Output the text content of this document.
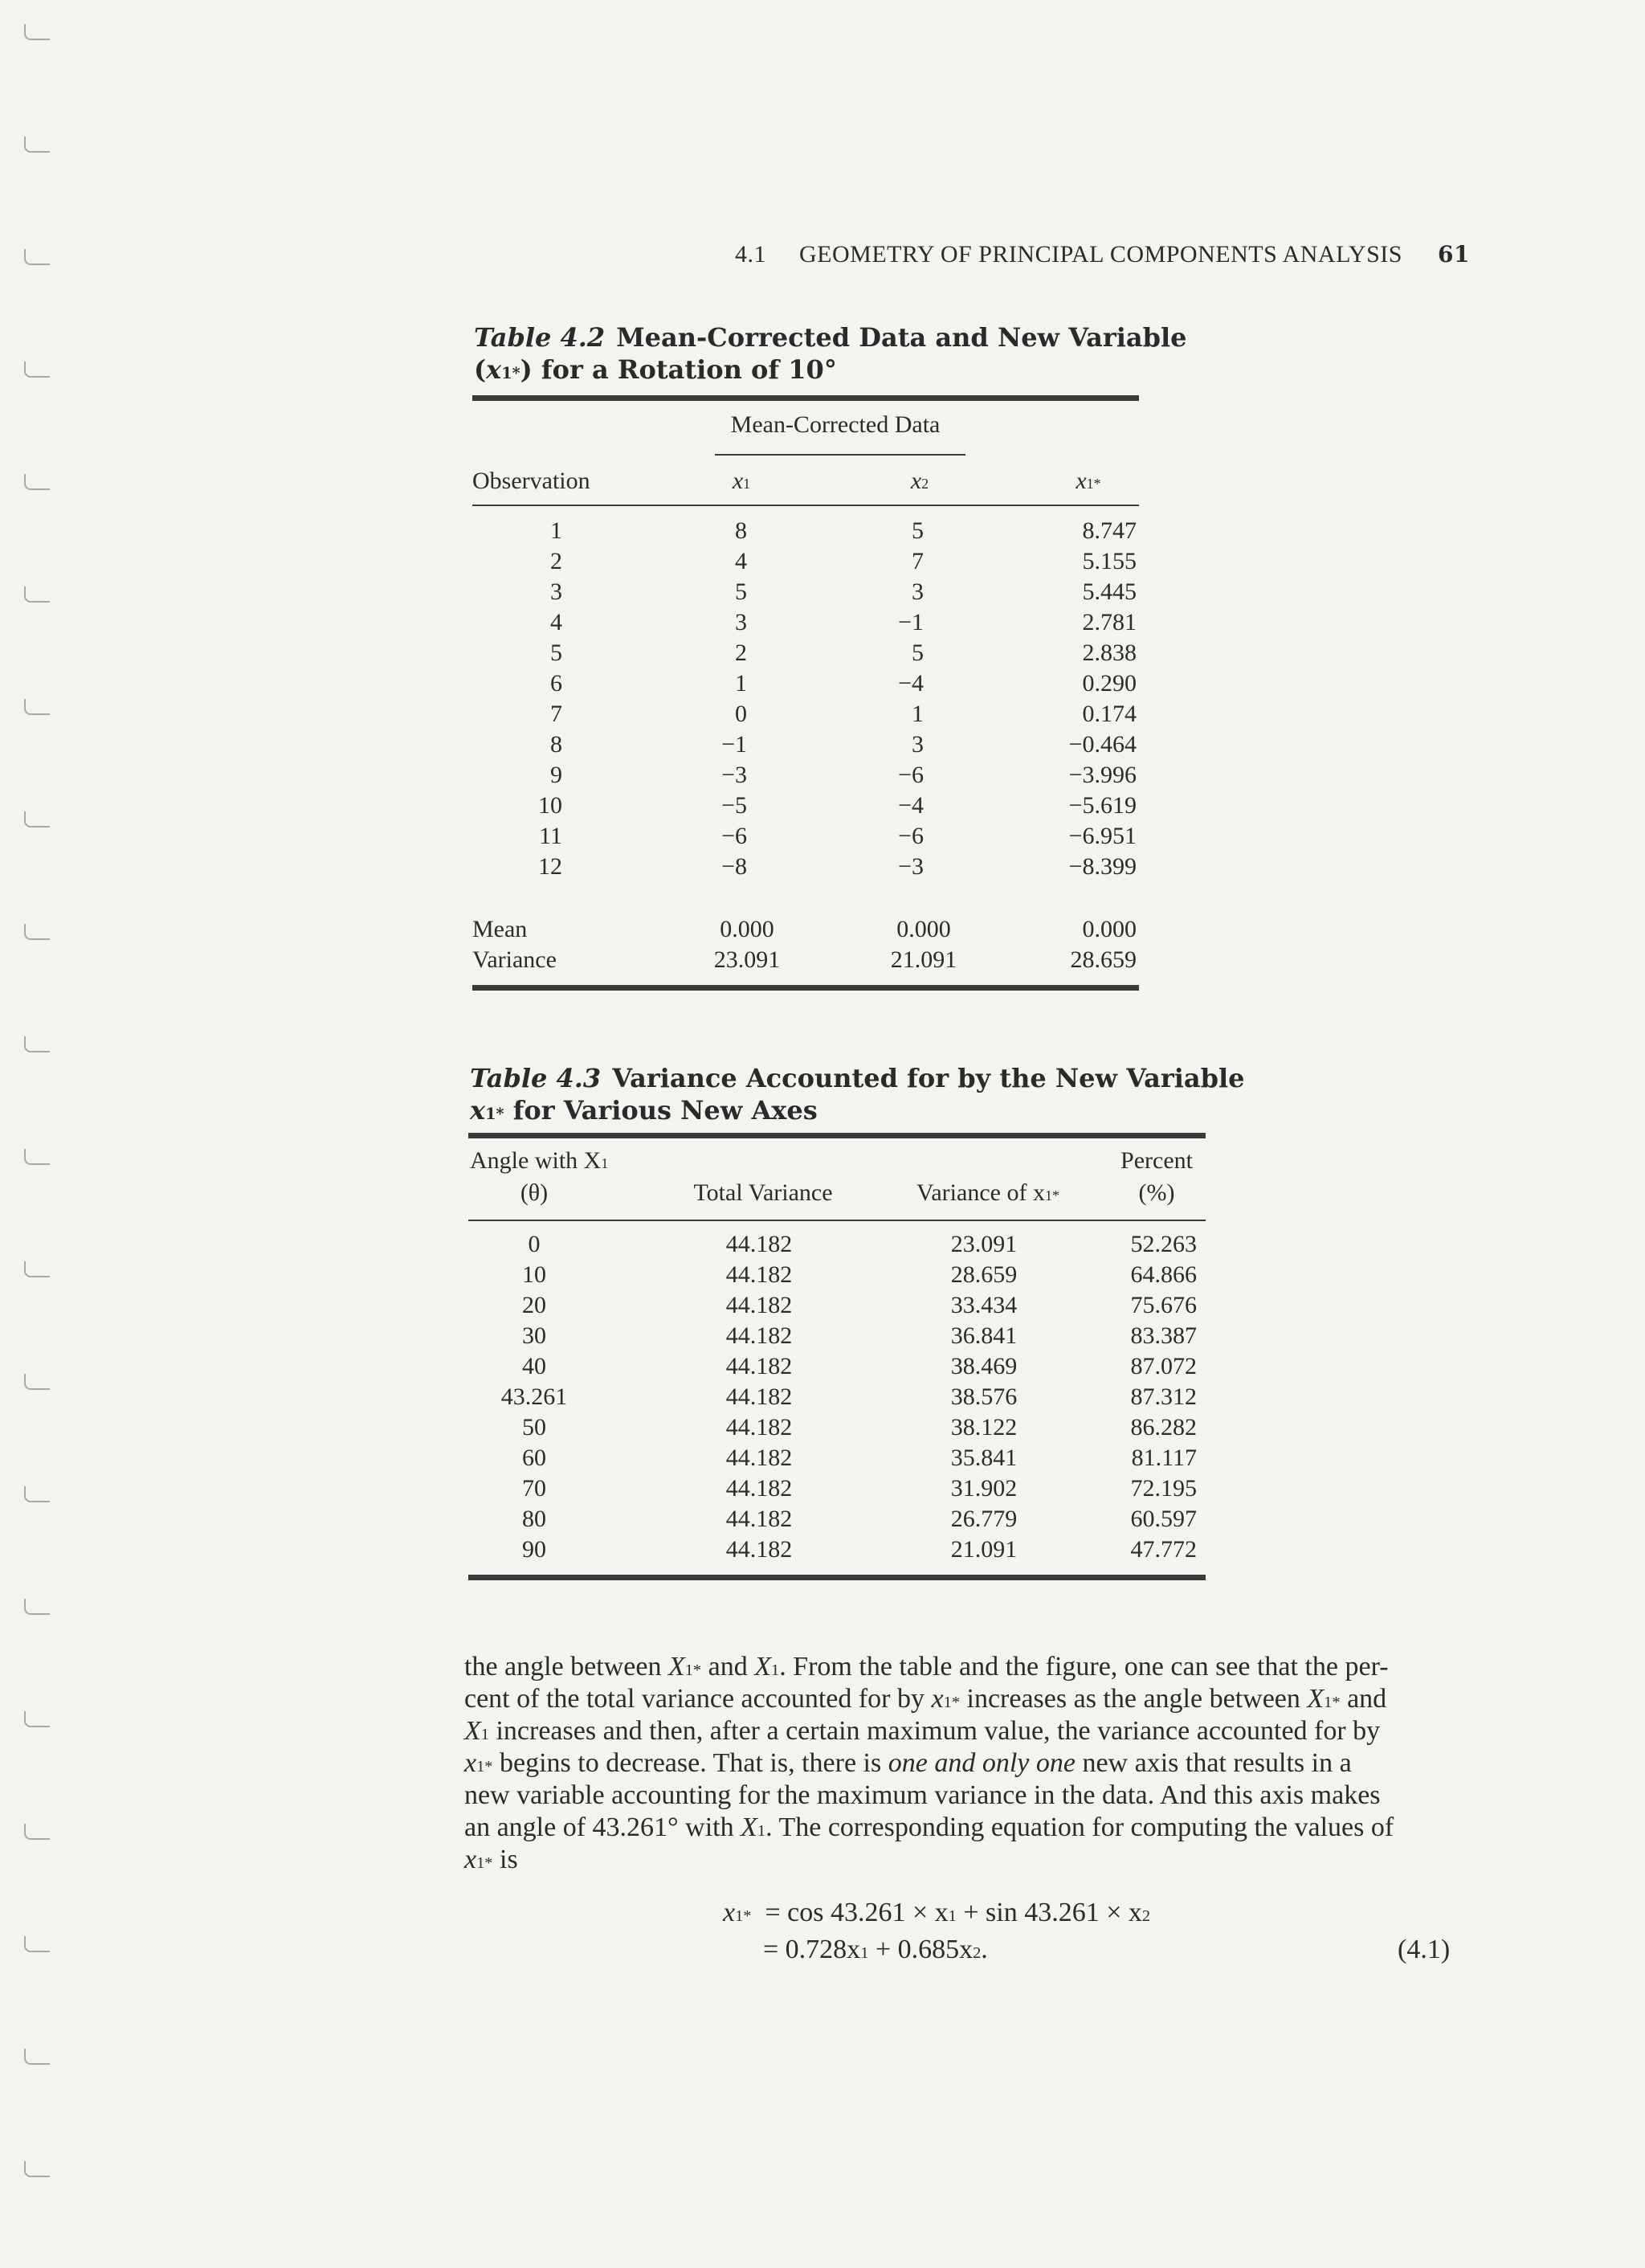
4.1 GEOMETRY OF PRINCIPAL COMPONENTS ANALYSIS 61
Table 4.2 Mean-Corrected Data and New Variable
$(x_1^*)$ for a Rotation of 10°
Mean-Corrected Data
Observation	$x_1$	$x_2$	$x_1^*$
1	8	5	8.747
2	4	7	5.155
3	5	3	5.445
4	3	−1	2.781
5	2	5	2.838
6	1	−4	0.290
7	0	1	0.174
8	−1	3	−0.464
9	−3	−6	−3.996
10	−5	−4	−5.619
11	−6	−6	−6.951
12	−8	−3	−8.399
Mean	0.000	0.000	0.000
Variance	23.091	21.091	28.659
Table 4.3 Variance Accounted for by the New Variable
$x_1^*$ for Various New Axes
Angle with $X_1$
(θ)	Total Variance	Variance of $x_1^*$
Percent
(%)
0	44.182	23.091	52.263
10	44.182	28.659	64.866
20	44.182	33.434	75.676
30	44.182	36.841	83.387
40	44.182	38.469	87.072
43.261	44.182	38.576	87.312
50	44.182	38.122	86.282
60	44.182	35.841	81.117
70	44.182	31.902	72.195
80	44.182	26.779	60.597
90	44.182	21.091	47.772
the angle between $X_1^*$ and $X_1$. From the table and the figure, one can see that the per-
cent of the total variance accounted for by $x_1^*$ increases as the angle between $X_1^*$ and
$X_1$ increases and then, after a certain maximum value, the variance accounted for by
$x_1^*$ begins to decrease. That is, there is one and only one new axis that results in a
new variable accounting for the maximum variance in the data. And this axis makes
an angle of 43.261° with $X_1$. The corresponding equation for computing the values of
$x_1^*$ is
$x_1^* = \cos 43.261 \times x_1 + \sin 43.261 \times x_2$
= $0.728x_1 + 0.685x_2$.	(4.1)
